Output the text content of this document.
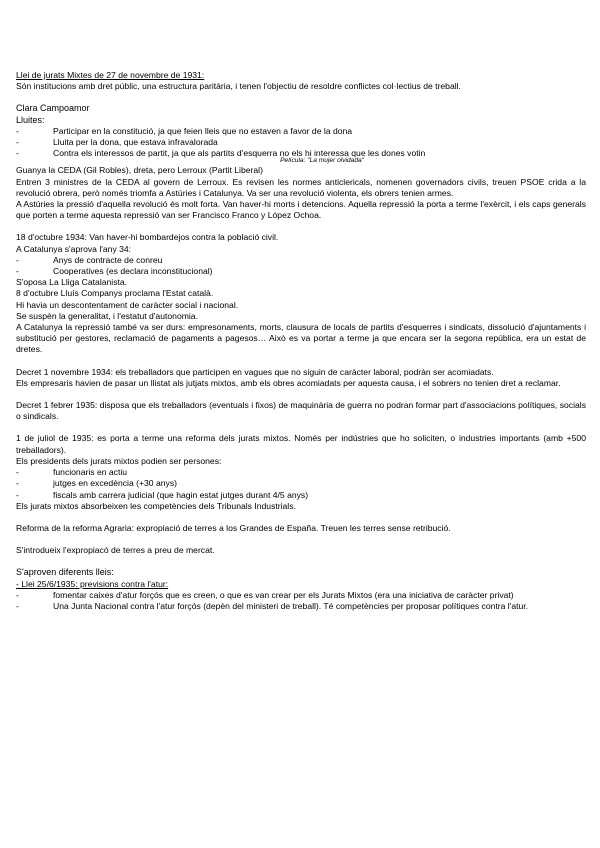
Llei de jurats Mixtes de 27 de novembre de 1931:

Són institucions amb dret públic, una estructura paritària, i tenen l'objectiu de resoldre conflictes col·lectius de treball.

Clara Campoamor

Lluites:

-	Participar en la constitució, ja que feien lleis que no estaven a favor de la dona
-	Lluita per la dona, que estava infravalorada
-	Contra els interessos de partit, ja que als partits d'esquerra no els hi interessa que les dones votin

Película: "La mujer olvidada"

Guanya la CEDA (Gil Robles), dreta, pero Lerroux (Partit Liberal)

Entren 3 ministres de la CEDA al govern de Lerroux. Es revisen les normes anticlericals, nomenen governadors civils, treuen PSOE crida a la revolució obrera, però només triomfa a Astúries i Catalunya. Va ser una revolució violenta, els obrers tenien armes.

A Astúries la pressió d'aquella revolució és molt forta. Van haver-hi morts i detencions. Aquella repressió la porta a terme l'exèrcit, i els caps generals que porten a terme aquesta repressió van ser Francisco Franco y López Ochoa.

18 d'octubre 1934: Van haver-hi bombardejos contra la població civil.

A Catalunya s'aprova l'any 34:

-	Anys de contracte de conreu
-	Cooperatives (es declara inconstitucional)

S'oposa La Lliga Catalanista.

8 d'octubre Lluís Companys proclama l'Estat català.

Hi havia un descontentament de caràcter social i nacional.

Se suspèn la generalitat, i l'estatut d'autonomia.

A Catalunya la repressió també va ser durs: empresonaments, morts, clausura de locals de partits d'esquerres i sindicats, dissolució d'ajuntaments i substitució per gestores, reclamació de pagaments a pagesos… Això es va portar a terme ja que encara ser la segona república, era un estat de dretes.

Decret 1 novembre 1934: els treballadors que participen en vagues que no siguin de caràcter laboral, podràn ser acomiadats.

Els empresaris havien de pasar un llistat als jutjats mixtos, amb els obres acomiadats per aquesta causa, i el sobrers no tenien dret a reclamar.

Decret 1 febrer 1935: disposa que els treballadors (eventuals i fixos) de maquinària de guerra no podran formar part d'associacions polítiques, socials o sindicals.

1 de juliol de 1935: es porta a terme una reforma dels jurats mixtos. Només per indústries que ho soliciten, o industries importants (amb +500 treballadors).

Els presidents dels jurats mixtos podien ser persones:

-	funcionaris en actiu
-	jutges en excedència (+30 anys)
-	fiscals amb carrera judicial (que hagin estat jutges durant 4/5 anys)

Els jurats mixtos absorbeixen les competències dels Tribunals Industrials.

Reforma de la reforma Agraria: expropiació de terres a los Grandes de España. Treuen les terres sense retribució.

S'introdueix l'expropiacó de terres a preu de mercat.

S'aproven diferents lleis:

- Llei 25/6/1935: previsions contra l'atur:

-	fomentar caixes d'atur forçós que es creen, o que es van crear per els Jurats Mixtos (era una iniciativa de caràcter privat)
-	Una Junta Nacional contra l'atur forçós (depèn del ministeri de treball). Té competències per proposar polítiques contra l'atur.
